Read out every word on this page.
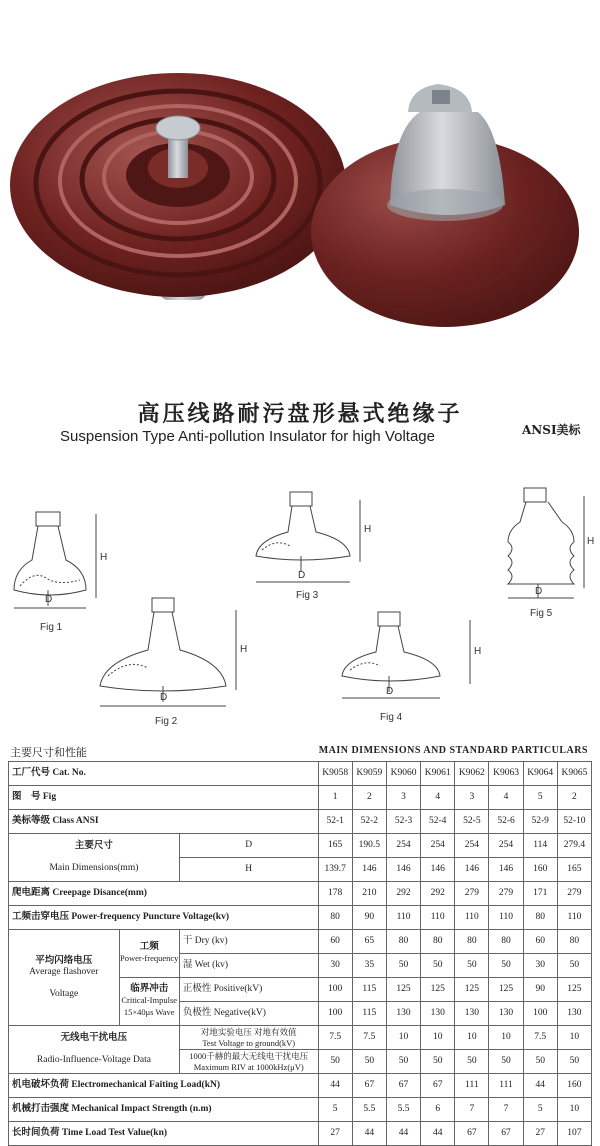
高压线路耐污盘形悬式绝缘子
ANSI美标
Suspension Type Anti-pollution Insulator for high Voltage
Fig 1
Fig 2
Fig 3
Fig 4
Fig 5
D
H
D
H
D
H
D
H
D
H
主要尺寸和性能	MAIN DIMENSIONS AND STANDARD PARTICULARS
工厂代号 Cat. No.			K9058	K9059	K9060	K9061	K9062	K9063	K9064	K9065
图　号 Fig			1	2	3	4	3	4	5	2
美标等级 Class ANSI			52-1	52-2	52-3	52-4	52-5	52-6	52-9	52-10
主要尺寸

Main Dimensions(mm)		D	165	190.5	254	254	254	254	114	279.4
		H	139.7	146	146	146	146	146	160	165
爬电距离 Creepage Disance(mm)			178	210	292	292	279	279	171	279
工频击穿电压 Power-frequency Puncture Voltage(kv)			80	90	110	110	110	110	80	110
平均闪络电压
Average flashover

Voltage	工频
Power-frequency	干 Dry (kv)	60	65	80	80	80	80	60	80
		湿 Wet (kv)	30	35	50	50	50	50	30	50
	临界冲击
Critical-Impulse
15×40μs Wave	正极性 Positive(kV)	100	115	125	125	125	125	90	125
		负极性 Negative(kV)	100	115	130	130	130	130	100	130
无线电干扰电压

Radio-Influence-Voltage Data		对地实验电压 对地有效值
Test Voltage to ground(kV)	7.5	7.5	10	10	10	10	7.5	10
		1000千赫的最大无线电干扰电压
Maximum RIV at 1000kHz(μV)	50	50	50	50	50	50	50	50
机电破坏负荷 Electromechanical Faiting Load(kN)			44	67	67	67	111	111	44	160
机械打击强度 Mechanical Impact Strength (n.m)			5	5.5	5.5	6	7	7	5	10
长时间负荷 Time Load Test Value(kn)			27	44	44	44	67	67	27	107
